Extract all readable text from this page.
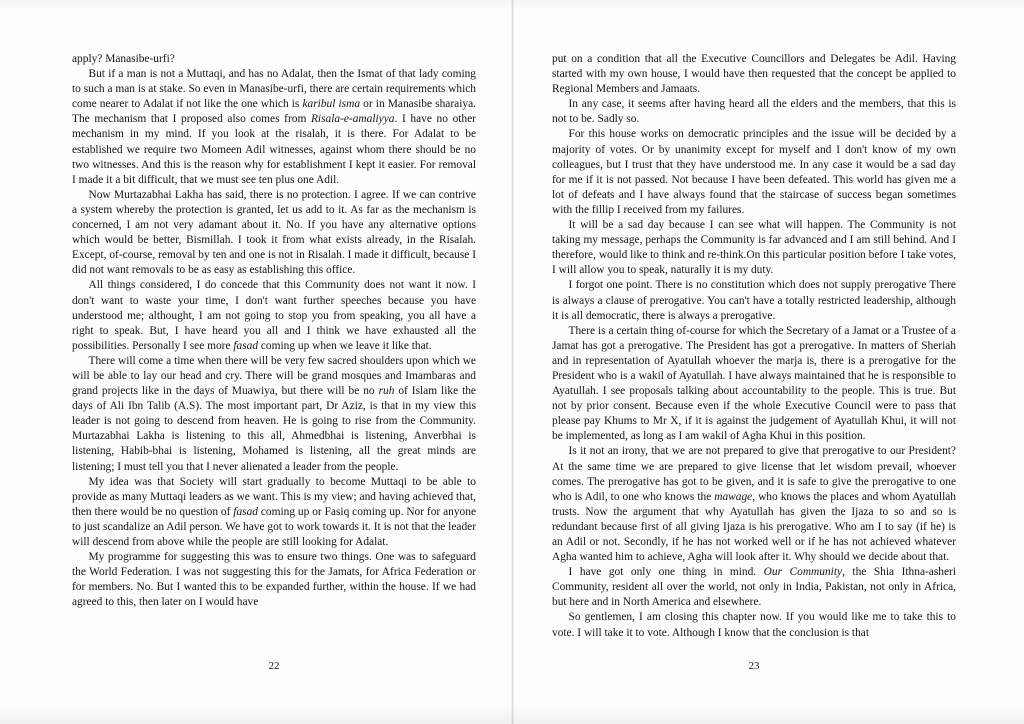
apply? Manasibe-urfi?

But if a man is not a Muttaqi, and has no Adalat, then the Ismat of that lady coming to such a man is at stake. So even in Manasibe-urfi, there are certain requirements which come nearer to Adalat if not like the one which is karibul isma or in Manasibe sharaiya. The mechanism that I proposed also comes from Risala-e-amaliyya. I have no other mechanism in my mind. If you look at the risalah, it is there. For Adalat to be established we require two Momeen Adil witnesses, against whom there should be no two witnesses. And this is the reason why for establishment I kept it easier. For removal I made it a bit difficult, that we must see ten plus one Adil.

Now Murtazabhai Lakha has said, there is no protection. I agree. If we can contrive a system whereby the protection is granted, let us add to it. As far as the mechanism is concerned, I am not very adamant about it. No. If you have any alternative options which would be better, Bismillah. I took it from what exists already, in the Risalah. Except, of-course, removal by ten and one is not in Risalah. I made it difficult, because I did not want removals to be as easy as establishing this office.

All things considered, I do concede that this Community does not want it now. I don't want to waste your time, I don't want further speeches because you have understood me; althought, I am not going to stop you from speaking, you all have a right to speak. But, I have heard you all and I think we have exhausted all the possibilities. Personally I see more fasad coming up when we leave it like that.

There will come a time when there will be very few sacred shoulders upon which we will be able to lay our head and cry. There will be grand mosques and Imambaras and grand projects like in the days of Muawiya, but there will be no ruh of Islam like the days of Ali Ibn Talib (A.S). The most important part, Dr Aziz, is that in my view this leader is not going to descend from heaven. He is going to rise from the Community. Murtazabhai Lakha is listening to this all, Ahmedbhai is listening, Anverbhai is listening, Habib-bhai is listening, Mohamed is listening, all the great minds are listening; I must tell you that I never alienated a leader from the people.

My idea was that Society will start gradually to become Muttaqi to be able to provide as many Muttaqi leaders as we want. This is my view; and having achieved that, then there would be no question of fasad coming up or Fasiq coming up. Nor for anyone to just scandalize an Adil person. We have got to work towards it. It is not that the leader will descend from above while the people are still looking for Adalat.

My programme for suggesting this was to ensure two things. One was to safeguard the World Federation. I was not suggesting this for the Jamats, for Africa Federation or for members. No. But I wanted this to be expanded further, within the house. If we had agreed to this, then later on I would have

22

put on a condition that all the Executive Councillors and Delegates be Adil. Having started with my own house, I would have then requested that the concept be applied to Regional Members and Jamaats.

In any case, it seems after having heard all the elders and the members, that this is not to be. Sadly so.

For this house works on democratic principles and the issue will be decided by a majority of votes. Or by unanimity except for myself and I don't know of my own colleagues, but I trust that they have understood me. In any case it would be a sad day for me if it is not passed. Not because I have been defeated. This world has given me a lot of defeats and I have always found that the staircase of success began sometimes with the fillip I received from my failures.

It will be a sad day because I can see what will happen. The Community is not taking my message, perhaps the Community is far advanced and I am still behind. And I therefore, would like to think and re-think.On this particular position before I take votes, I will allow you to speak, naturally it is my duty.

I forgot one point. There is no constitution which does not supply prerogative There is always a clause of prerogative. You can't have a totally restricted leadership, although it is all democratic, there is always a prerogative.

There is a certain thing of-course for which the Secretary of a Jamat or a Trustee of a Jamat has got a prerogative. The President has got a prerogative. In matters of Sheriah and in representation of Ayatullah whoever the marja is, there is a prerogative for the President who is a wakil of Ayatullah. I have always maintained that he is responsible to Ayatullah. I see proposals talking about accountability to the people. This is true. But not by prior consent. Because even if the whole Executive Council were to pass that please pay Khums to Mr X, if it is against the judgement of Ayatullah Khui, it will not be implemented, as long as I am wakil of Agha Khui in this position.

Is it not an irony, that we are not prepared to give that prerogative to our President? At the same time we are prepared to give license that let wisdom prevail, whoever comes. The prerogative has got to be given, and it is safe to give the prerogative to one who is Adil, to one who knows the mawage, who knows the places and whom Ayatullah trusts. Now the argument that why Ayatullah has given the Ijaza to so and so is redundant because first of all giving Ijaza is his prerogative. Who am I to say (if he) is an Adil or not. Secondly, if he has not worked well or if he has not achieved whatever Agha wanted him to achieve, Agha will look after it. Why should we decide about that.

I have got only one thing in mind. Our Community, the Shia Ithna-asheri Community, resident all over the world, not only in India, Pakistan, not only in Africa, but here and in North America and elsewhere.

So gentlemen, I am closing this chapter now. If you would like me to take this to vote. I will take it to vote. Although I know that the conclusion is that

23
